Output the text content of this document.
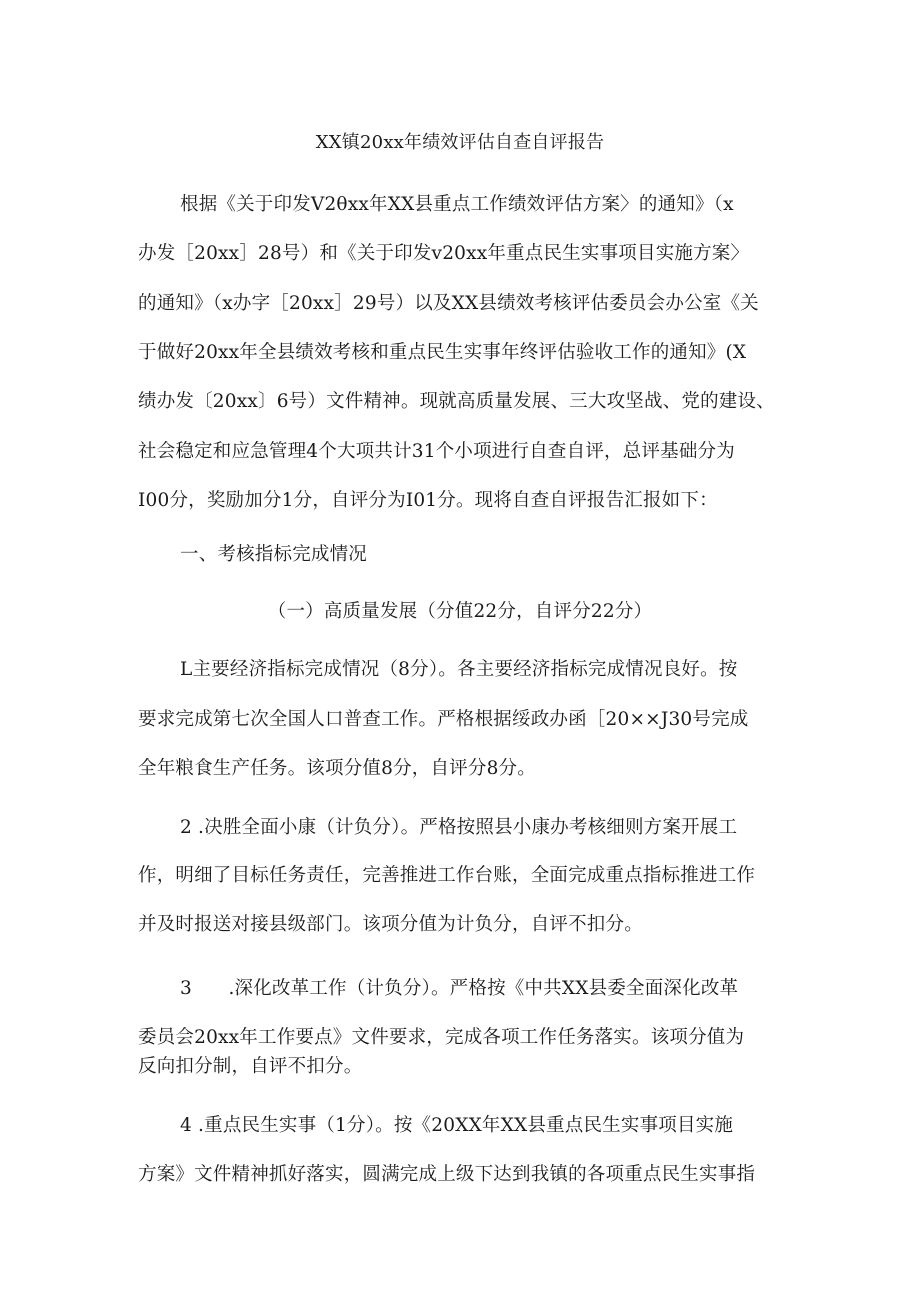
XX镇20xx年绩效评估自查自评报告
根据《关于印发V2θxx年XX县重点工作绩效评估方案〉的通知》（x
办发［20xx］28号）和《关于印发v20xx年重点民生实事项目实施方案〉
的通知》（x办字［20xx］29号）以及XX县绩效考核评估委员会办公室《关
于做好20xx年全县绩效考核和重点民生实事年终评估验收工作的通知》(X
绩办发〔20xx〕6号）文件精神。现就高质量发展、三大攻坚战、党的建设、
社会稳定和应急管理4个大项共计31个小项进行自查自评，总评基础分为
I00分，奖励加分1分，自评分为I01分。现将自查自评报告汇报如下：
一、考核指标完成情况
（一）高质量发展（分值22分，自评分22分）
L主要经济指标完成情况（8分）。各主要经济指标完成情况良好。按
要求完成第七次全国人口普查工作。严格根据绥政办函［20××J30号完成
全年粮食生产任务。该项分值8分，自评分8分。
2 .决胜全面小康（计负分）。严格按照县小康办考核细则方案开展工
作，明细了目标任务责任，完善推进工作台账，全面完成重点指标推进工作
并及时报送对接县级部门。该项分值为计负分，自评不扣分。
3      .深化改革工作（计负分）。严格按《中共XX县委全面深化改革
委员会20xx年工作要点》文件要求，完成各项工作任务落实。该项分值为
反向扣分制，自评不扣分。
4 .重点民生实事（1分）。按《20XX年XX县重点民生实事项目实施
方案》文件精神抓好落实，圆满完成上级下达到我镇的各项重点民生实事指
